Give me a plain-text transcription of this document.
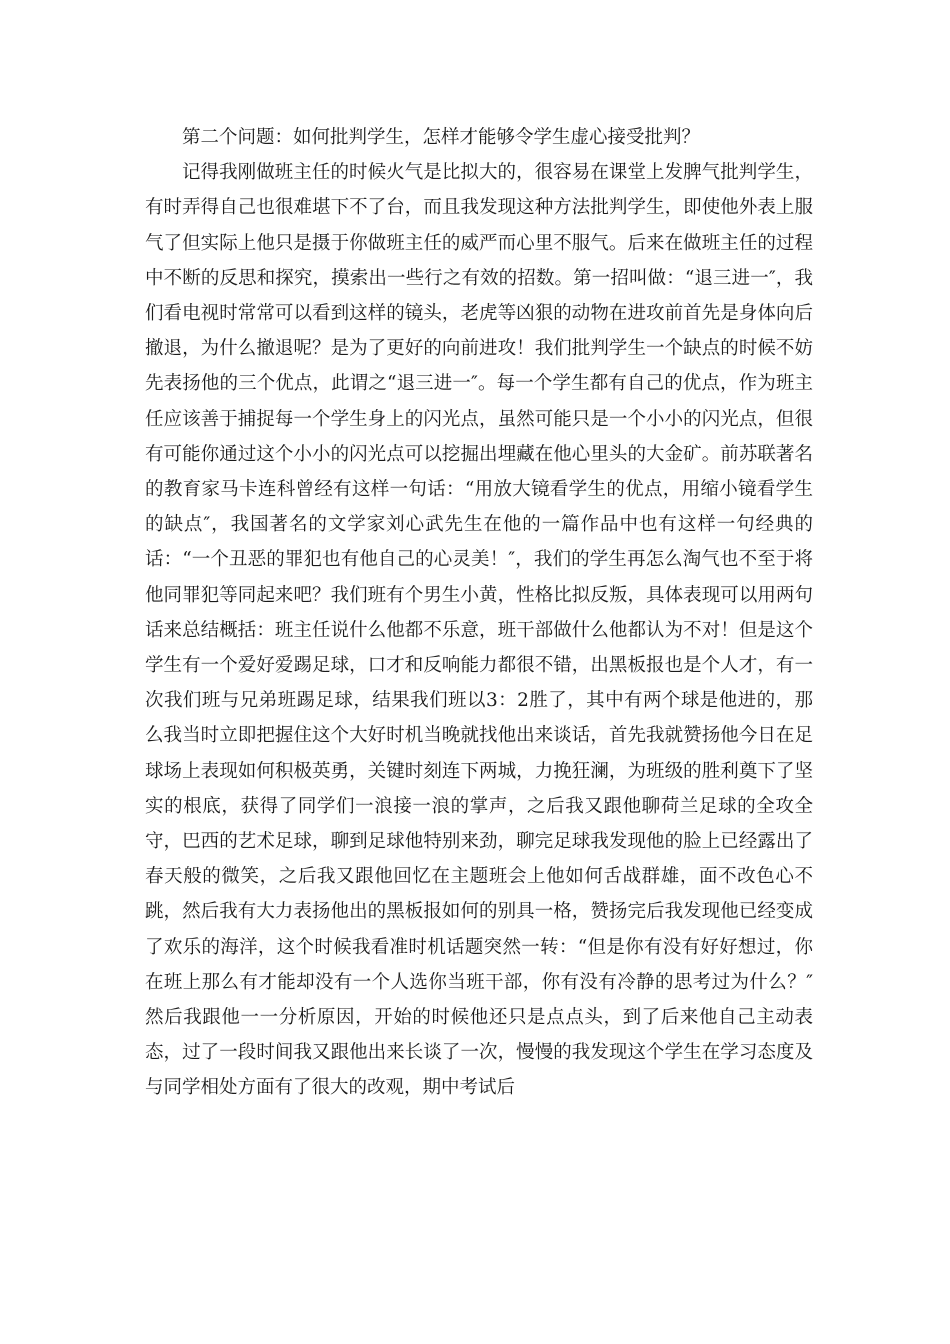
第二个问题：如何批判学生，怎样才能够令学生虚心接受批判？

记得我刚做班主任的时候火气是比拟大的，很容易在课堂上发脾气批判学生，有时弄得自己也很难堪下不了台，而且我发现这种方法批判学生，即使他外表上服气了但实际上他只是摄于你做班主任的威严而心里不服气。后来在做班主任的过程中不断的反思和探究，摸索出一些行之有效的招数。第一招叫做：“退三进一″，我们看电视时常常可以看到这样的镜头，老虎等凶狠的动物在进攻前首先是身体向后撤退，为什么撤退呢？是为了更好的向前进攻！我们批判学生一个缺点的时候不妨先表扬他的三个优点，此谓之“退三进一″。每一个学生都有自己的优点，作为班主任应该善于捕捉每一个学生身上的闪光点，虽然可能只是一个小小的闪光点，但很有可能你通过这个小小的闪光点可以挖掘出埋藏在他心里头的大金矿。前苏联著名的教育家马卡连科曾经有这样一句话：“用放大镜看学生的优点，用缩小镜看学生的缺点″，我国著名的文学家刘心武先生在他的一篇作品中也有这样一句经典的话：“一个丑恶的罪犯也有他自己的心灵美！″，我们的学生再怎么淘气也不至于将他同罪犯等同起来吧？我们班有个男生小黄，性格比拟反叛，具体表现可以用两句话来总结概括：班主任说什么他都不乐意，班干部做什么他都认为不对！但是这个学生有一个爱好爱踢足球，口才和反响能力都很不错，出黑板报也是个人才，有一次我们班与兄弟班踢足球，结果我们班以3：2胜了，其中有两个球是他进的，那么我当时立即把握住这个大好时机当晚就找他出来谈话，首先我就赞扬他今日在足球场上表现如何积极英勇，关键时刻连下两城，力挽狂澜，为班级的胜利奠下了坚实的根底，获得了同学们一浪接一浪的掌声，之后我又跟他聊荷兰足球的全攻全守，巴西的艺术足球，聊到足球他特别来劲，聊完足球我发现他的脸上已经露出了春天般的微笑，之后我又跟他回忆在主题班会上他如何舌战群雄，面不改色心不跳，然后我有大力表扬他出的黑板报如何的别具一格，赞扬完后我发现他已经变成了欢乐的海洋，这个时候我看准时机话题突然一转：“但是你有没有好好想过，你在班上那么有才能却没有一个人选你当班干部，你有没有冷静的思考过为什么？″然后我跟他一一分析原因，开始的时候他还只是点点头，到了后来他自己主动表态，过了一段时间我又跟他出来长谈了一次，慢慢的我发现这个学生在学习态度及与同学相处方面有了很大的改观，期中考试后
